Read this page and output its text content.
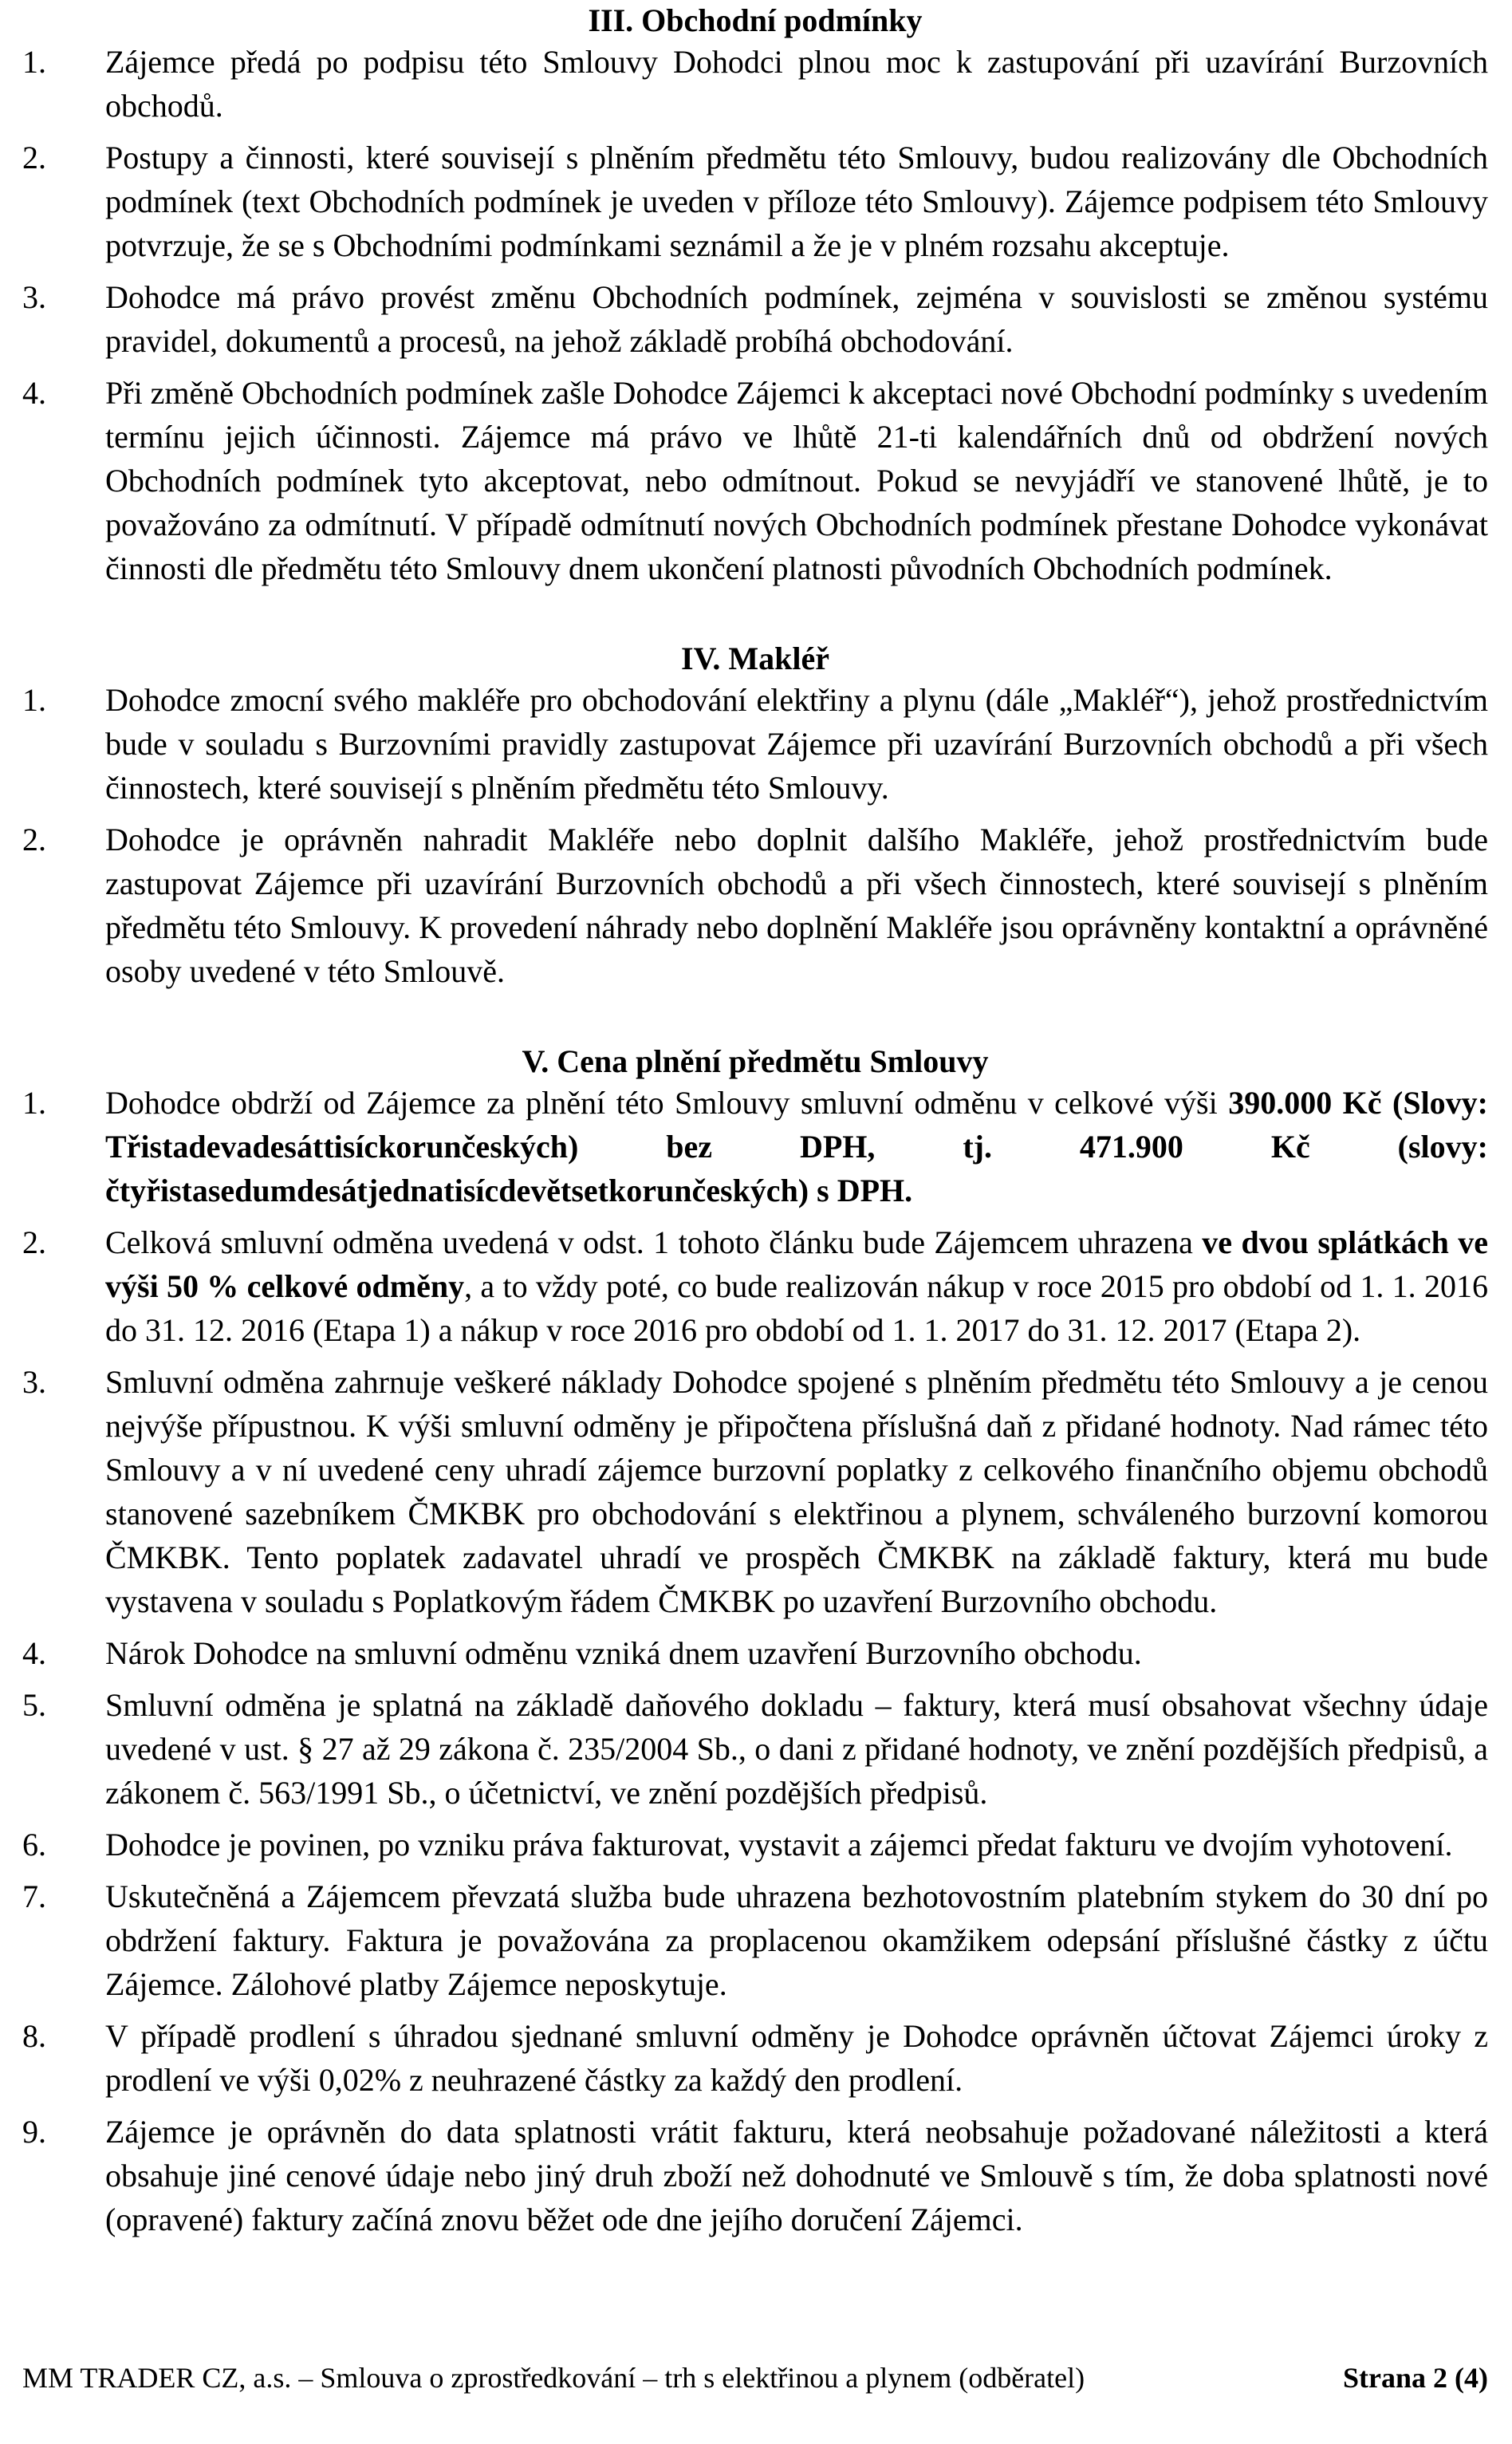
III. Obchodní podmínky
1.	Zájemce předá po podpisu této Smlouvy Dohodci plnou moc k zastupování při uzavírání Burzovních obchodů.
2.	Postupy a činnosti, které souvisejí s plněním předmětu této Smlouvy, budou realizovány dle Obchodních podmínek (text Obchodních podmínek je uveden v příloze této Smlouvy). Zájemce podpisem této Smlouvy potvrzuje, že se s Obchodními podmínkami seznámil a že je v plném rozsahu akceptuje.
3.	Dohodce má právo provést změnu Obchodních podmínek, zejména v souvislosti se změnou systému pravidel, dokumentů a procesů, na jehož základě probíhá obchodování.
4.	Při změně Obchodních podmínek zašle Dohodce Zájemci k akceptaci nové Obchodní podmínky s uvedením termínu jejich účinnosti. Zájemce má právo ve lhůtě 21-ti kalendářních dnů od obdržení nových Obchodních podmínek tyto akceptovat, nebo odmítnout. Pokud se nevyjádří ve stanovené lhůtě, je to považováno za odmítnutí. V případě odmítnutí nových Obchodních podmínek přestane Dohodce vykonávat činnosti dle předmětu této Smlouvy dnem ukončení platnosti původních Obchodních podmínek.
IV. Makléř
1.	Dohodce zmocní svého makléře pro obchodování elektřiny a plynu (dále „Makléř“), jehož prostřednictvím bude v souladu s Burzovními pravidly zastupovat Zájemce při uzavírání Burzovních obchodů a při všech činnostech, které souvisejí s plněním předmětu této Smlouvy.
2.	Dohodce je oprávněn nahradit Makléře nebo doplnit dalšího Makléře, jehož prostřednictvím bude zastupovat Zájemce při uzavírání Burzovních obchodů a při všech činnostech, které souvisejí s plněním předmětu této Smlouvy. K provedení náhrady nebo doplnění Makléře jsou oprávněny kontaktní a oprávněné osoby uvedené v této Smlouvě.
V. Cena plnění předmětu Smlouvy
1.	Dohodce obdrží od Zájemce za plnění této Smlouvy smluvní odměnu v celkové výši 390.000 Kč (Slovy: Třistadevadesáttisíckorunčeských) bez DPH, tj. 471.900 Kč (slovy: čtyřistasedumdesátjednatisícdevětsetkorunčeských) s DPH.
2.	Celková smluvní odměna uvedená v odst. 1 tohoto článku bude Zájemcem uhrazena ve dvou splátkách ve výši 50 % celkové odměny, a to vždy poté, co bude realizován nákup v roce 2015 pro období od 1. 1. 2016 do 31. 12. 2016 (Etapa 1) a nákup v roce 2016 pro období od 1. 1. 2017 do 31. 12. 2017 (Etapa 2).
3.	Smluvní odměna zahrnuje veškeré náklady Dohodce spojené s plněním předmětu této Smlouvy a je cenou nejvýše přípustnou. K výši smluvní odměny je připočtena příslušná daň z přidané hodnoty. Nad rámec této Smlouvy a v ní uvedené ceny uhradí zájemce burzovní poplatky z celkového finančního objemu obchodů stanovené sazebníkem ČMKBK pro obchodování s elektřinou a plynem, schváleného burzovní komorou ČMKBK. Tento poplatek zadavatel uhradí ve prospěch ČMKBK na základě faktury, která mu bude vystavena v souladu s Poplatkovým řádem ČMKBK po uzavření Burzovního obchodu.
4.	Nárok Dohodce na smluvní odměnu vzniká dnem uzavření Burzovního obchodu.
5.	Smluvní odměna je splatná na základě daňového dokladu – faktury, která musí obsahovat všechny údaje uvedené v ust. § 27 až 29 zákona č. 235/2004 Sb., o dani z přidané hodnoty, ve znění pozdějších předpisů, a zákonem č. 563/1991 Sb., o účetnictví, ve znění pozdějších předpisů.
6.	Dohodce je povinen, po vzniku práva fakturovat, vystavit a zájemci předat fakturu ve dvojím vyhotovení.
7.	Uskutečněná a Zájemcem převzatá služba bude uhrazena bezhotovostním platebním stykem do 30 dní po obdržení faktury. Faktura je považována za proplacenou okamžikem odepsání příslušné částky z účtu Zájemce. Zálohové platby Zájemce neposkytuje.
8.	V případě prodlení s úhradou sjednané smluvní odměny je Dohodce oprávněn účtovat Zájemci úroky z prodlení ve výši 0,02% z neuhrazené částky za každý den prodlení.
9.	Zájemce je oprávněn do data splatnosti vrátit fakturu, která neobsahuje požadované náležitosti a která obsahuje jiné cenové údaje nebo jiný druh zboží než dohodnuté ve Smlouvě s tím, že doba splatnosti nové (opravené) faktury začíná znovu běžet ode dne jejího doručení Zájemci.
MM TRADER CZ, a.s. – Smlouva o zprostředkování – trh s elektřinou a plynem (odběratel)	Strana 2 (4)
